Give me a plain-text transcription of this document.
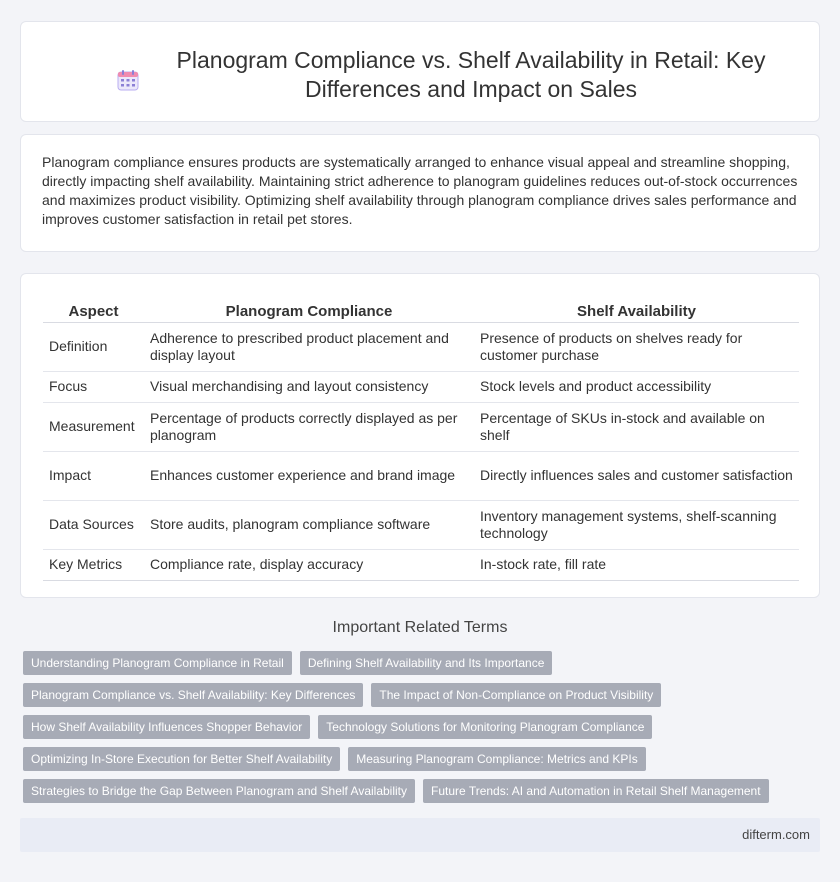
Planogram Compliance vs. Shelf Availability in Retail: Key Differences and Impact on Sales

Planogram compliance ensures products are systematically arranged to enhance visual appeal and streamline shopping, directly impacting shelf availability. Maintaining strict adherence to planogram guidelines reduces out-of-stock occurrences and maximizes product visibility. Optimizing shelf availability through planogram compliance drives sales performance and improves customer satisfaction in retail pet stores.

Aspect	Planogram Compliance	Shelf Availability
Definition	Adherence to prescribed product placement and display layout	Presence of products on shelves ready for customer purchase
Focus	Visual merchandising and layout consistency	Stock levels and product accessibility
Measurement	Percentage of products correctly displayed as per planogram	Percentage of SKUs in-stock and available on shelf
Impact	Enhances customer experience and brand image	Directly influences sales and customer satisfaction
Data Sources	Store audits, planogram compliance software	Inventory management systems, shelf-scanning technology
Key Metrics	Compliance rate, display accuracy	In-stock rate, fill rate
Important Related Terms
Understanding Planogram Compliance in Retail	Defining Shelf Availability and Its Importance
Planogram Compliance vs. Shelf Availability: Key Differences	The Impact of Non-Compliance on Product Visibility
How Shelf Availability Influences Shopper Behavior	Technology Solutions for Monitoring Planogram Compliance
Optimizing In-Store Execution for Better Shelf Availability	Measuring Planogram Compliance: Metrics and KPIs
Strategies to Bridge the Gap Between Planogram and Shelf Availability	Future Trends: AI and Automation in Retail Shelf Management
difterm.com
